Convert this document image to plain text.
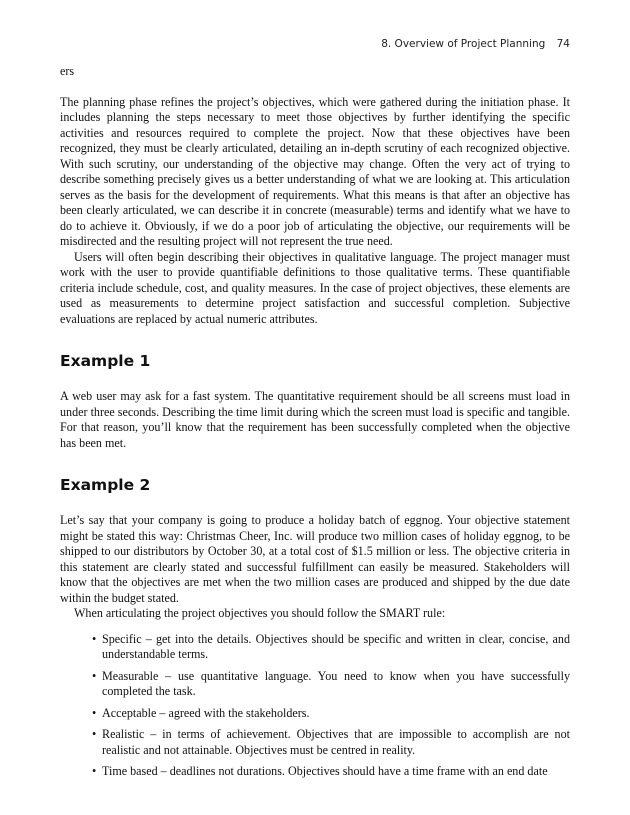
8. Overview of Project Planning 74

ers

The planning phase refines the project’s objectives, which were gathered during the initiation phase. It includes planning the steps necessary to meet those objectives by further identifying the specific activities and resources required to complete the project. Now that these objectives have been recognized, they must be clearly articulated, detailing an in-depth scrutiny of each recognized objective. With such scrutiny, our understanding of the objective may change. Often the very act of trying to describe something precisely gives us a better understanding of what we are looking at. This articulation serves as the basis for the development of requirements. What this means is that after an objective has been clearly articulated, we can describe it in concrete (measurable) terms and identify what we have to do to achieve it. Obviously, if we do a poor job of articulating the objective, our requirements will be misdirected and the resulting project will not represent the true need.

Users will often begin describing their objectives in qualitative language. The project manager must work with the user to provide quantifiable definitions to those qualitative terms. These quantifiable criteria include schedule, cost, and quality measures. In the case of project objectives, these elements are used as measurements to determine project satisfaction and successful completion. Subjective evaluations are replaced by actual numeric attributes.

Example 1

A web user may ask for a fast system. The quantitative requirement should be all screens must load in under three seconds. Describing the time limit during which the screen must load is specific and tangible. For that reason, you’ll know that the requirement has been successfully completed when the objective has been met.

Example 2

Let’s say that your company is going to produce a holiday batch of eggnog. Your objective statement might be stated this way: Christmas Cheer, Inc. will produce two million cases of holiday eggnog, to be shipped to our distributors by October 30, at a total cost of $1.5 million or less. The objective criteria in this statement are clearly stated and successful fulfillment can easily be measured. Stakeholders will know that the objectives are met when the two million cases are produced and shipped by the due date within the budget stated.

When articulating the project objectives you should follow the SMART rule:

• Specific – get into the details. Objectives should be specific and written in clear, concise, and understandable terms.
• Measurable – use quantitative language. You need to know when you have successfully completed the task.
• Acceptable – agreed with the stakeholders.
• Realistic – in terms of achievement. Objectives that are impossible to accomplish are not realistic and not attainable. Objectives must be centred in reality.
• Time based – deadlines not durations. Objectives should have a time frame with an end date
